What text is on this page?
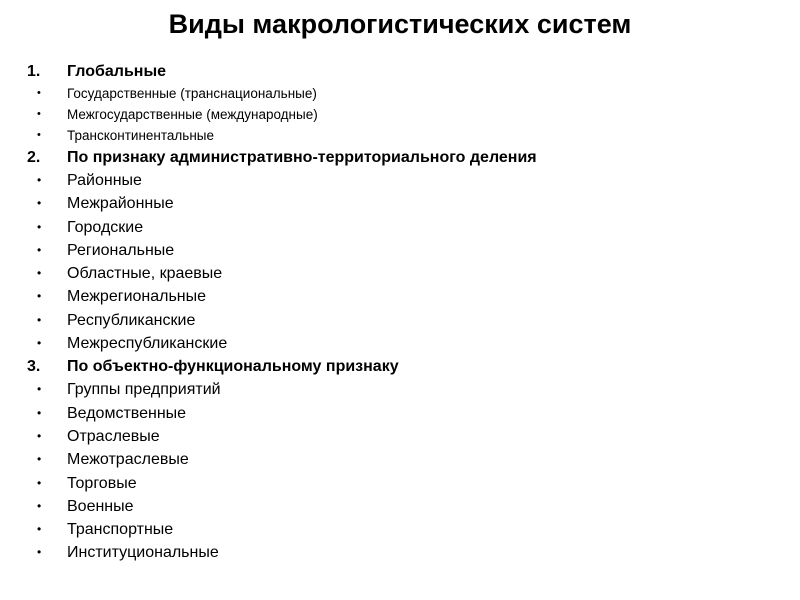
Виды макрологистических систем
1. Глобальные
• Государственные (транснациональные)
• Межгосударственные (международные)
• Трансконтинентальные
2. По признаку административно-территориального деления
• Районные
• Межрайонные
• Городские
• Региональные
• Областные, краевые
• Межрегиональные
• Республиканские
• Межреспубликанские
3. По объектно-функциональному признаку
• Группы предприятий
• Ведомственные
• Отраслевые
• Межотраслевые
• Торговые
• Военные
• Транспортные
• Институциональные
